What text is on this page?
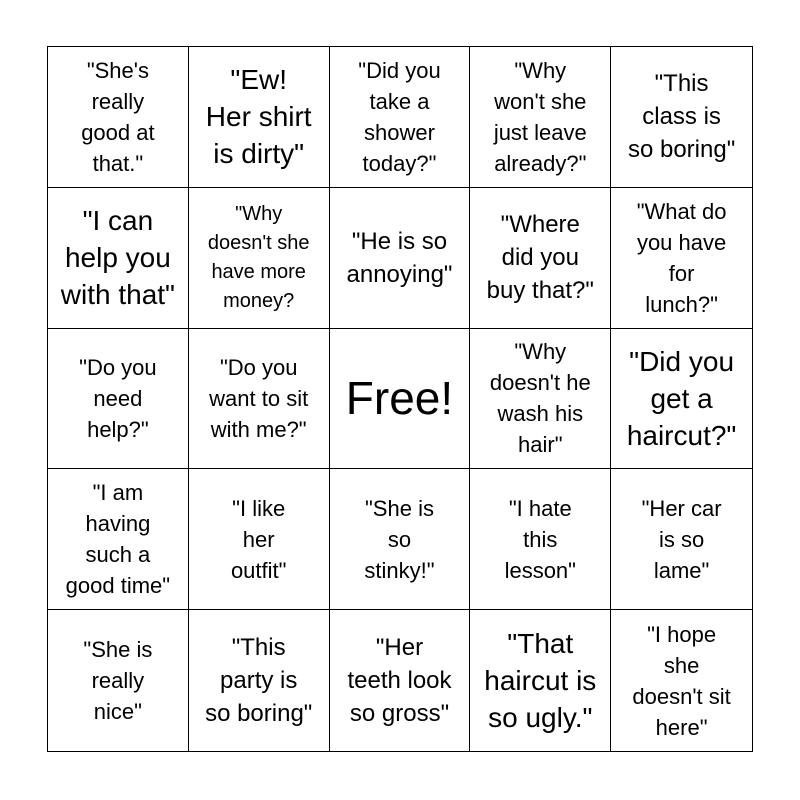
"She's
really
good at
that."
"Ew!
Her shirt
is dirty"
"Did you
take a
shower
today?"
"Why
won't she
just leave
already?"
"This
class is
so boring"
"I can
help you
with that"
"Why
doesn't she
have more
money?
"He is so
annoying"
"Where
did you
buy that?"
"What do
you have
for
lunch?"
"Do you
need
help?"
"Do you
want to sit
with me?"
Free!
"Why
doesn't he
wash his
hair"
"Did you
get a
haircut?"
"I am
having
such a
good time"
"I like
her
outfit"
"She is
so
stinky!"
"I hate
this
lesson"
"Her car
is so
lame"
"She is
really
nice"
"This
party is
so boring"
"Her
teeth look
so gross"
"That
haircut is
so ugly."
"I hope
she
doesn't sit
here"
